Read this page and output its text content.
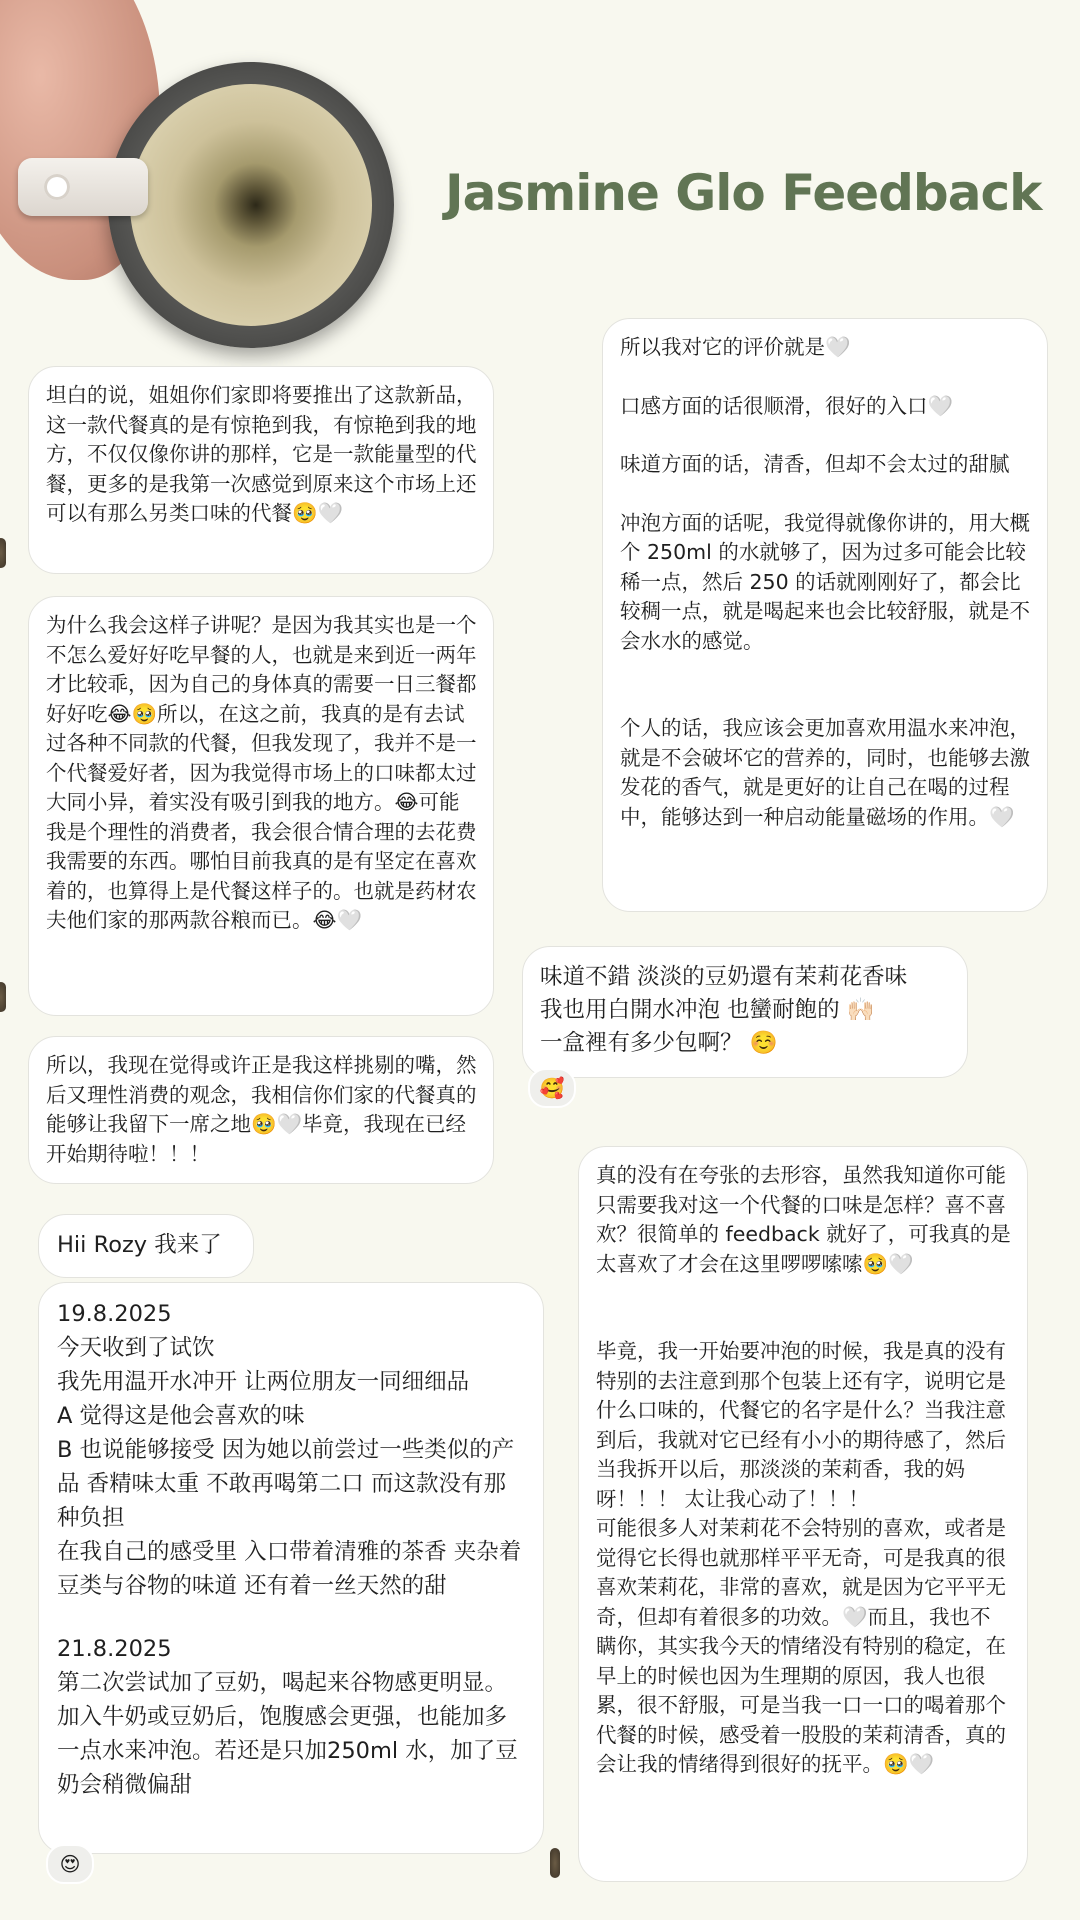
Jasmine Glo Feedback

坦白的说，姐姐你们家即将要推出了这款新品，这一款代餐真的是有惊艳到我，有惊艳到我的地方，不仅仅像你讲的那样，它是一款能量型的代餐，更多的是我第一次感觉到原来这个市场上还可以有那么另类口味的代餐🥹🤍

为什么我会这样子讲呢？是因为我其实也是一个不怎么爱好好吃早餐的人，也就是来到近一两年才比较乖，因为自己的身体真的需要一日三餐都好好吃😂🥹所以，在这之前，我真的是有去试过各种不同款的代餐，但我发现了，我并不是一个代餐爱好者，因为我觉得市场上的口味都太过大同小异，着实没有吸引到我的地方。😂可能我是个理性的消费者，我会很合情合理的去花费我需要的东西。哪怕目前我真的是有坚定在喜欢着的，也算得上是代餐这样子的。也就是药材农夫他们家的那两款谷粮而已。😂🤍

所以，我现在觉得或许正是我这样挑剔的嘴，然后又理性消费的观念，我相信你们家的代餐真的能够让我留下一席之地🥹🤍毕竟，我现在已经开始期待啦！！！

所以我对它的评价就是🤍

口感方面的话很顺滑，很好的入口🤍

味道方面的话，清香，但却不会太过的甜腻

冲泡方面的话呢，我觉得就像你讲的，用大概个 250ml 的水就够了，因为过多可能会比较稀一点，然后 250 的话就刚刚好了，都会比较稠一点，就是喝起来也会比较舒服，就是不会水水的感觉。

个人的话，我应该会更加喜欢用温水来冲泡，就是不会破坏它的营养的，同时，也能够去激发花的香气，就是更好的让自己在喝的过程中，能够达到一种启动能量磁场的作用。🤍

味道不錯 淡淡的豆奶還有茉莉花香味

我也用白開水冲泡 也蠻耐飽的 🙌🏻

一盒裡有多少包啊？ ☺️

🥰

真的没有在夸张的去形容，虽然我知道你可能只需要我对这一个代餐的口味是怎样？喜不喜欢？很简单的 feedback 就好了，可我真的是太喜欢了才会在这里啰啰嗦嗦🥹🤍

毕竟，我一开始要冲泡的时候，我是真的没有特别的去注意到那个包装上还有字，说明它是什么口味的，代餐它的名字是什么？当我注意到后，我就对它已经有小小的期待感了，然后当我拆开以后，那淡淡的茉莉香，我的妈呀！！！ 太让我心动了！！！

可能很多人对茉莉花不会特别的喜欢，或者是觉得它长得也就那样平平无奇，可是我真的很喜欢茉莉花，非常的喜欢，就是因为它平平无奇，但却有着很多的功效。🤍而且，我也不瞒你，其实我今天的情绪没有特别的稳定，在早上的时候也因为生理期的原因，我人也很累，很不舒服，可是当我一口一口的喝着那个代餐的时候，感受着一股股的茉莉清香，真的会让我的情绪得到很好的抚平。🥹🤍

Hii Rozy 我来了

19.8.2025

今天收到了试饮

我先用温开水冲开 让两位朋友一同细细品

A 觉得这是他会喜欢的味

B 也说能够接受 因为她以前尝过一些类似的产品 香精味太重 不敢再喝第二口 而这款没有那种负担

在我自己的感受里 入口带着清雅的茶香 夹杂着豆类与谷物的味道 还有着一丝天然的甜

21.8.2025

第二次尝试加了豆奶，喝起来谷物感更明显。加入牛奶或豆奶后，饱腹感会更强，也能加多一点水来冲泡。若还是只加250ml 水，加了豆奶会稍微偏甜

😍
